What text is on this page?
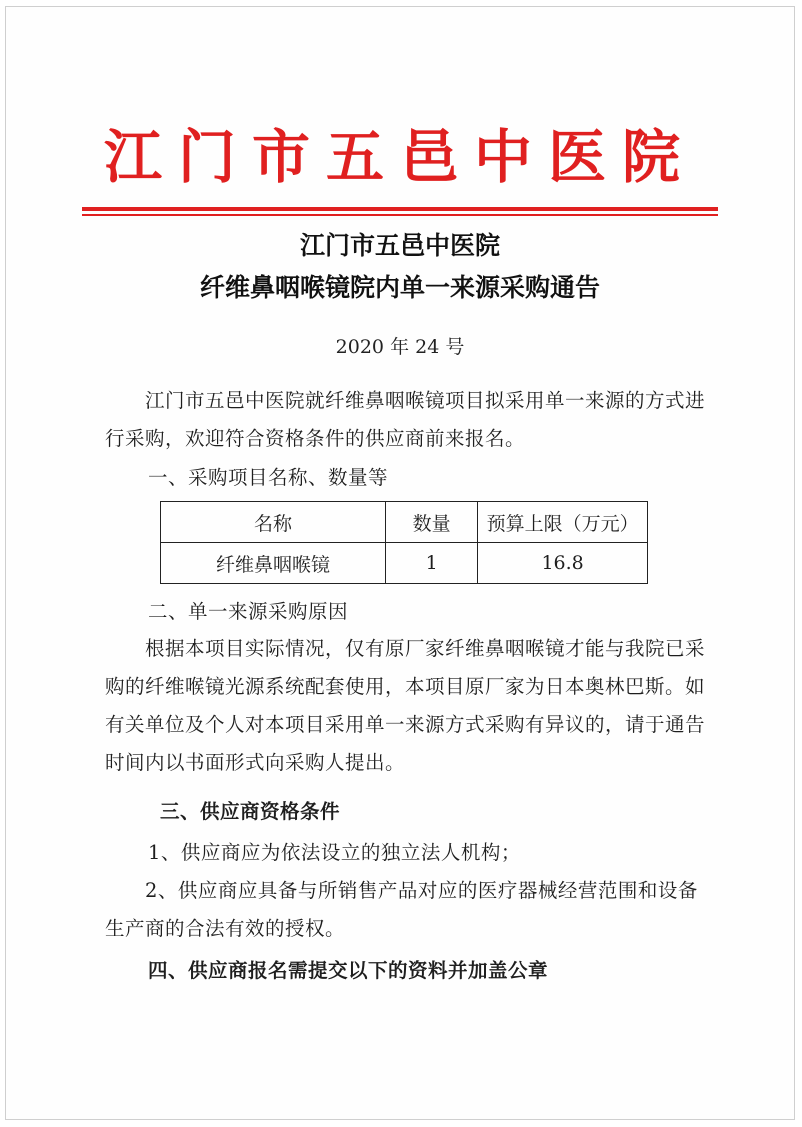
江门市五邑中医院
江门市五邑中医院
纤维鼻咽喉镜院内单一来源采购通告
2020 年 24 号
江门市五邑中医院就纤维鼻咽喉镜项目拟采用单一来源的方式进行采购，欢迎符合资格条件的供应商前来报名。
一、采购项目名称、数量等
名称	数量	预算上限（万元）
纤维鼻咽喉镜	1	16.8
二、单一来源采购原因
根据本项目实际情况，仅有原厂家纤维鼻咽喉镜才能与我院已采购的纤维喉镜光源系统配套使用，本项目原厂家为日本奥林巴斯。如有关单位及个人对本项目采用单一来源方式采购有异议的，请于通告时间内以书面形式向采购人提出。
三、供应商资格条件
1、供应商应为依法设立的独立法人机构；
2、供应商应具备与所销售产品对应的医疗器械经营范围和设备生产商的合法有效的授权。
四、供应商报名需提交以下的资料并加盖公章
